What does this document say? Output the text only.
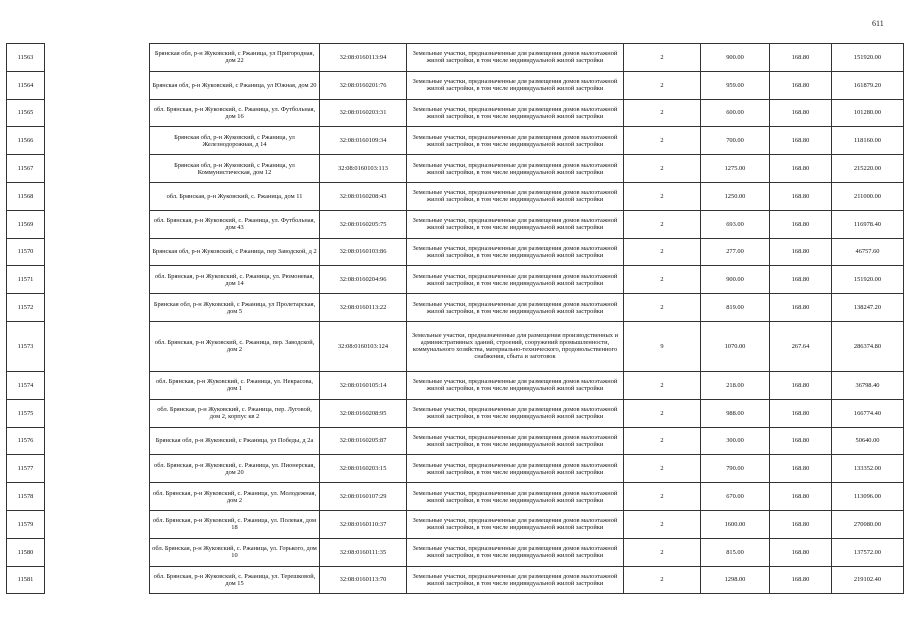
611
11563		Брянская обл, р-н Жуковский, с Ржаница, ул Пригородная, дом 22	32:08:0160113:94	Земельные участки, предназначенные для размещения домов малоэтажной жилой застройки, в том числе индивидуальной жилой застройки	2	900.00	168.80	151920.00
11564		Брянская обл, р-н Жуковский, с Ржаница, ул Южная, дом 20	32:08:0160201:76	Земельные участки, предназначенные для размещения домов малоэтажной жилой застройки, в том числе индивидуальной жилой застройки	2	959.00	168.80	161879.20
11565		обл. Брянская, р-н Жуковский, с. Ржаница, ул. Футбольная, дом 16	32:08:0160203:31	Земельные участки, предназначенные для размещения домов малоэтажной жилой застройки, в том числе индивидуальной жилой застройки	2	600.00	168.80	101280.00
11566		Брянская обл, р-н Жуковский, с Ржаница, ул Железнодорожная, д 14	32:08:0160109:34	Земельные участки, предназначенные для размещения домов малоэтажной жилой застройки, в том числе индивидуальной жилой застройки	2	700.00	168.80	118160.00
11567		Брянская обл, р-н Жуковский, с Ржаница, ул Коммунистическая, дом 12	32:08:0160103:113	Земельные участки, предназначенные для размещения домов малоэтажной жилой застройки, в том числе индивидуальной жилой застройки	2	1275.00	168.80	215220.00
11568		обл. Брянская, р-н Жуковский, с. Ржаница, дом 11	32:08:0160208:43	Земельные участки, предназначенные для размещения домов малоэтажной жилой застройки, в том числе индивидуальной жилой застройки	2	1250.00	168.80	211000.00
11569		обл. Брянская, р-н Жуковский, с. Ржаница, ул. Футбольная, дом 43	32:08:0160205:75	Земельные участки, предназначенные для размещения домов малоэтажной жилой застройки, в том числе индивидуальной жилой застройки	2	693.00	168.80	116978.40
11570		Брянская обл, р-н Жуковский, с Ржаница, пер Заводской, д 2	32:08:0160103:86	Земельные участки, предназначенные для размещения домов малоэтажной жилой застройки, в том числе индивидуальной жилой застройки	2	277.00	168.80	46757.60
11571		обл. Брянская, р-н Жуковский, с. Ржаница, ул. Рюмоневая, дом 14	32:08:0160204:96	Земельные участки, предназначенные для размещения домов малоэтажной жилой застройки, в том числе индивидуальной жилой застройки	2	900.00	168.80	151920.00
11572		Брянская обл, р-н Жуковский, с Ржаница, ул Пролетарская, дом 5	32:08:0160113:22	Земельные участки, предназначенные для размещения домов малоэтажной жилой застройки, в том числе индивидуальной жилой застройки	2	819.00	168.80	138247.20
11573		обл. Брянская, р-н Жуковский, с. Ржаница, пер. Заводской, дом 2	32:08:0160103:124	Земельные участки, предназначенные для размещения производственных и административных зданий, строений, сооружений промышленности, коммунального хозяйства, материально-технического, продовольственного снабжения, сбыта и заготовок	9	1070.00	267.64	286374.80
11574		обл. Брянская, р-н Жуковский, с. Ржаница, ул. Некрасова, дом 1	32:08:0160105:14	Земельные участки, предназначенные для размещения домов малоэтажной жилой застройки, в том числе индивидуальной жилой застройки	2	218.00	168.80	36798.40
11575		обл. Брянская, р-н Жуковский, с. Ржаница, пер. Луговой, дом 2, корпус кв 2	32:08:0160208:95	Земельные участки, предназначенные для размещения домов малоэтажной жилой застройки, в том числе индивидуальной жилой застройки	2	988.00	168.80	166774.40
11576		Брянская обл, р-н Жуковский, с Ржаница, ул Победы, д 2а	32:08:0160205:87	Земельные участки, предназначенные для размещения домов малоэтажной жилой застройки, в том числе индивидуальной жилой застройки	2	300.00	168.80	50640.00
11577		обл. Брянская, р-н Жуковский, с. Ржаница, ул. Пионерская, дом 20	32:08:0160203:15	Земельные участки, предназначенные для размещения домов малоэтажной жилой застройки, в том числе индивидуальной жилой застройки	2	790.00	168.80	133352.00
11578		обл. Брянская, р-н Жуковский, с. Ржаница, ул. Молодежная, дом 2	32:08:0160107:29	Земельные участки, предназначенные для размещения домов малоэтажной жилой застройки, в том числе индивидуальной жилой застройки	2	670.00	168.80	113096.00
11579		обл. Брянская, р-н Жуковский, с. Ржаница, ул. Полевая, дом 18	32:08:0160110:37	Земельные участки, предназначенные для размещения домов малоэтажной жилой застройки, в том числе индивидуальной жилой застройки	2	1600.00	168.80	270080.00
11580		обл. Брянская, р-н Жуковский, с. Ржаница, ул. Горького, дом 10	32:08:0160111:35	Земельные участки, предназначенные для размещения домов малоэтажной жилой застройки, в том числе индивидуальной жилой застройки	2	815.00	168.80	137572.00
11581		обл. Брянская, р-н Жуковский, с. Ржаница, ул. Терешковой, дом 15	32:08:0160113:70	Земельные участки, предназначенные для размещения домов малоэтажной жилой застройки, в том числе индивидуальной жилой застройки	2	1298.00	168.80	219102.40
